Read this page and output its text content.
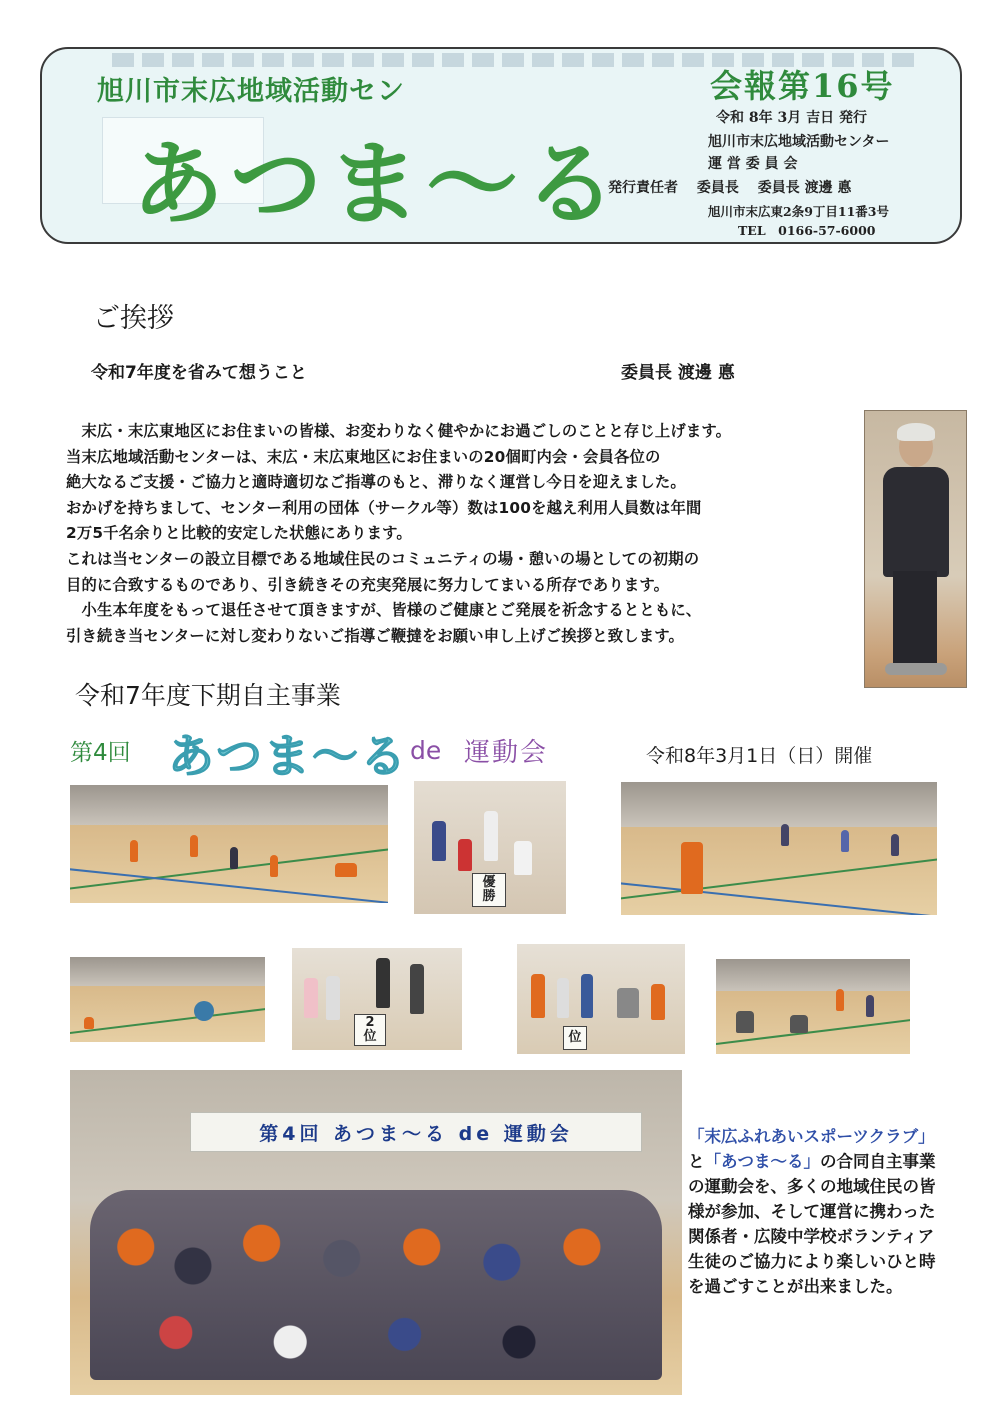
旭川市末広地域活動セン
あつま〜る
会報第16号
令和 8年 3月 吉日 発行
旭川市末広地域活動センター
運 営 委 員 会
発行責任者　 委員長　 委員長 渡邊 悳
旭川市末広東2条9丁目11番3号
TEL　0166-57-6000
ご挨拶
令和7年度を省みて想うこと	委員長 渡邊 悳

　末広・末広東地区にお住まいの皆様、お変わりなく健やかにお過ごしのことと存じ上げます。

当末広地域活動センターは、末広・末広東地区にお住まいの20個町内会・会員各位の

絶大なるご支援・ご協力と適時適切なご指導のもと、滞りなく運営し今日を迎えました。

おかげを持ちまして、センター利用の団体（サークル等）数は100を越え利用人員数は年間

2万5千名余りと比較的安定した状態にあります。

これは当センターの設立目標である地域住民のコミュニティの場・憩いの場としての初期の

目的に合致するものであり、引き続きその充実発展に努力してまいる所存であります。

　小生本年度をもって退任させて頂きますが、皆様のご健康とご発展を祈念するとともに、

引き続き当センターに対し変わりないご指導ご鞭撻をお願い申し上げご挨拶と致します。

令和7年度下期自主事業
第4回 あつま〜る de 運動会	令和8年3月1日（日）開催
優
勝
2
位	位
第4回 あつま〜る de 運動会	「末広ふれあいスポーツクラブ」と「あつま〜る」の合同自主事業の運動会を、多くの地域住民の皆様が参加、そして運営に携わった関係者・広陵中学校ボランティア生徒のご協力により楽しいひと時を過ごすことが出来ました。
